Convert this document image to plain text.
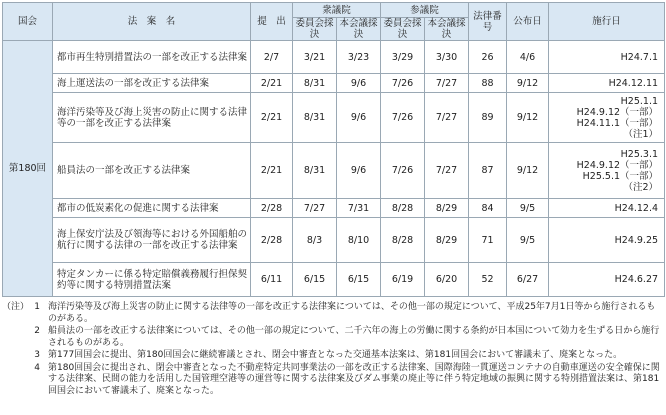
国会	法　案　名	提　出	衆議院		参議院		法律番号	公布日	施行日
			委員会採決	本会議採決	委員会採決	本会議採決			
第180回	都市再生特別措置法の一部を改正する法律案	2/7	3/21	3/23	3/29	3/30	26	4/6	H24.7.1
	海上運送法の一部を改正する法律案	2/21	8/31	9/6	7/26	7/27	88	9/12	H24.12.11
	海洋汚染等及び海上災害の防止に関する法律等の一部を改正する法律案	2/21	8/31	9/6	7/26	7/27	89	9/12	H25.1.1
H24.9.12（一部）
H24.11.1（一部）
（注1）
	船員法の一部を改正する法律案	2/21	8/31	9/6	7/26	7/27	87	9/12	H25.3.1
H24.9.12（一部）
H25.5.1（一部）
（注2）
	都市の低炭素化の促進に関する法律案	2/28	7/27	7/31	8/28	8/29	84	9/5	H24.12.4
	海上保安庁法及び領海等における外国船舶の航行に関する法律の一部を改正する法律案	2/28	8/3	8/10	8/28	8/29	71	9/5	H24.9.25
	特定タンカーに係る特定賠償義務履行担保契約等に関する特別措置法案	6/11	6/15	6/15	6/19	6/20	52	6/27	H24.6.27
（注） 1 海洋汚染等及び海上災害の防止に関する法律等の一部を改正する法律案については、その他一部の規定について、平成25年7月1日等から施行されるものがある。
2 船員法の一部を改正する法律案については、その他一部の規定について、二千六年の海上の労働に関する条約が日本国について効力を生ずる日から施行されるものがある。
3 第177回国会に提出、第180回国会に継続審議とされ、閉会中審査となった交通基本法案は、第181回国会において審議未了、廃案となった。
4 第180回国会に提出され、閉会中審査となった不動産特定共同事業法の一部を改正する法律案、国際海陸一貫運送コンテナの自動車運送の安全確保に関する法律案、民間の能力を活用した国管理空港等の運営等に関する法律案及びダム事業の廃止等に伴う特定地域の振興に関する特別措置法案は、第181回国会において審議未了、廃案となった。
